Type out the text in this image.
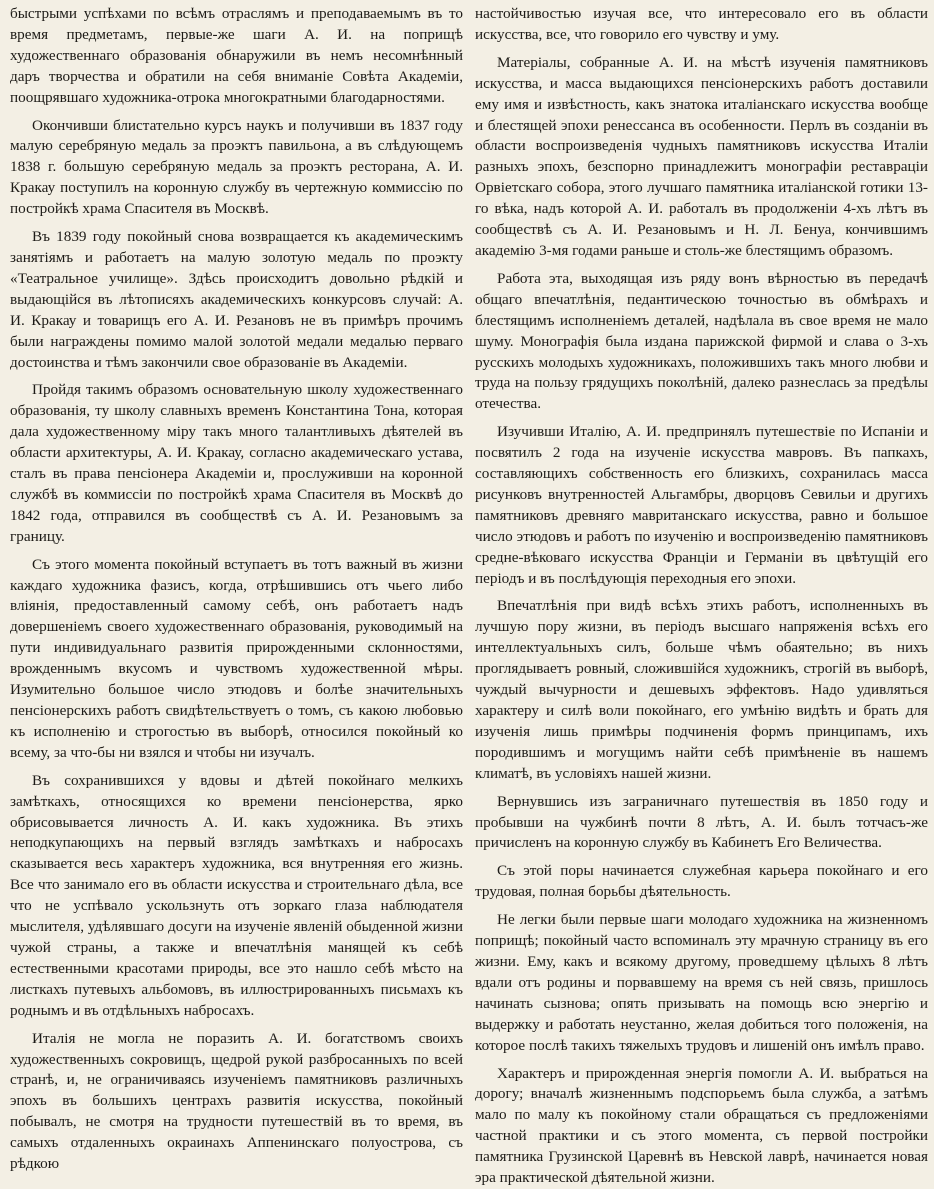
быстрыми успѣхами по всѣмъ отраслямъ и преподаваемымъ въ то время предметамъ, первые-же шаги А. И. на поприщѣ художественнаго образованія обнаружили въ немъ несомнѣнный даръ творчества и обратили на себя вниманіе Совѣта Академіи, поощрявшаго художника-отрока многократными благодарностями.

Окончивши блистательно курсъ наукъ и получивши въ 1837 году малую серебряную медаль за проэктъ павильона, а въ слѣдующемъ 1838 г. большую серебряную медаль за проэктъ ресторана, А. И. Кракау поступилъ на коронную службу въ чертежную коммиссію по постройкѣ храма Спасителя въ Москвѣ.

Въ 1839 году покойный снова возвращается къ академическимъ занятіямъ и работаетъ на малую золотую медаль по проэкту «Театральное училище». Здѣсь происходитъ довольно рѣдкій и выдающійся въ лѣтописяхъ академическихъ конкурсовъ случай: А. И. Кракау и товарищъ его А. И. Резановъ не въ примѣръ прочимъ были награждены помимо малой золотой медали медалью перваго достоинства и тѣмъ закончили свое образованіе въ Академіи.

Пройдя такимъ образомъ основательную школу художественнаго образованія, ту школу славныхъ временъ Константина Тона, которая дала художественному міру такъ много талантливыхъ дѣятелей въ области архитектуры, А. И. Кракау, согласно академическаго устава, сталъ въ права пенсіонера Академіи и, прослуживши на коронной службѣ въ коммиссіи по постройкѣ храма Спасителя въ Москвѣ до 1842 года, отправился въ сообществѣ съ А. И. Резановымъ за границу.

Съ этого момента покойный вступаетъ въ тотъ важный въ жизни каждаго художника фазисъ, когда, отрѣшившись отъ чьего либо вліянія, предоставленный самому себѣ, онъ работаетъ надъ довершеніемъ своего художественнаго образованія, руководимый на пути индивидуальнаго развитія прирожденными склонностями, врожденнымъ вкусомъ и чувствомъ художественной мѣры. Изумительно большое число этюдовъ и болѣе значительныхъ пенсіонерскихъ работъ свидѣтельствуетъ о томъ, съ какою любовью къ исполненію и строгостью въ выборѣ, относился покойный ко всему, за что-бы ни взялся и чтобы ни изучалъ.

Въ сохранившихся у вдовы и дѣтей покойнаго мелкихъ замѣткахъ, относящихся ко времени пенсіонерства, ярко обрисовывается личность А. И. какъ художника. Въ этихъ неподкупающихъ на первый взглядъ замѣткахъ и набросахъ сказывается весь характеръ художника, вся внутренняя его жизнь. Все что занимало его въ области искусства и строительнаго дѣла, все что не успѣвало ускользнуть отъ зоркаго глаза наблюдателя мыслителя, удѣлявшаго досуги на изученіе явленій обыденной жизни чужой страны, а также и впечатлѣнія манящей къ себѣ естественными красотами природы, все это нашло себѣ мѣсто на листкахъ путевыхъ альбомовъ, въ иллюстрированныхъ письмахъ къ роднымъ и въ отдѣльныхъ набросахъ.

Италія не могла не поразить А. И. богатствомъ своихъ художественныхъ сокровищъ, щедрой рукой разбросанныхъ по всей странѣ, и, не ограничиваясь изученіемъ памятниковъ различныхъ эпохъ въ большихъ центрахъ развитія искусства, покойный побывалъ, не смотря на трудности путешествій въ то время, въ самыхъ отдаленныхъ окраинахъ Аппенинскаго полуострова, съ рѣдкою

настойчивостью изучая все, что интересовало его въ области искусства, все, что говорило его чувству и уму.

Матеріалы, собранные А. И. на мѣстѣ изученія памятниковъ искусства, и масса выдающихся пенсіонерскихъ работъ доставили ему имя и извѣстность, какъ знатока италіанскаго искусства вообще и блестящей эпохи ренессанса въ особенности. Перлъ въ созданіи въ области воспроизведенія чудныхъ памятниковъ искусства Италіи разныхъ эпохъ, безспорно принадлежитъ монографіи реставраціи Орвіетскаго собора, этого лучшаго памятника италіанской готики 13-го вѣка, надъ которой А. И. работалъ въ продолженіи 4-хъ лѣтъ въ сообществѣ съ А. И. Резановымъ и Н. Л. Бенуа, кончившимъ академію 3-мя годами раньше и столь-же блестящимъ образомъ.

Работа эта, выходящая изъ ряду вонъ вѣрностью въ передачѣ общаго впечатлѣнія, педантическою точностью въ обмѣрахъ и блестящимъ исполненіемъ деталей, надѣлала въ свое время не мало шуму. Монографія была издана парижской фирмой и слава о 3-хъ русскихъ молодыхъ художникахъ, положившихъ такъ много любви и труда на пользу грядущихъ поколѣній, далеко разнеслась за предѣлы отечества.

Изучивши Италію, А. И. предпринялъ путешествіе по Испаніи и посвятилъ 2 года на изученіе искусства мавровъ. Въ папкахъ, составляющихъ собственность его близкихъ, сохранилась масса рисунковъ внутренностей Альгамбры, дворцовъ Севильи и другихъ памятниковъ древняго мавританскаго искусства, равно и большое число этюдовъ и работъ по изученію и воспроизведенію памятниковъ средне-вѣковаго искусства Франціи и Германіи въ цвѣтущій его періодъ и въ послѣдующія переходныя его эпохи.

Впечатлѣнія при видѣ всѣхъ этихъ работъ, исполненныхъ въ лучшую пору жизни, въ періодъ высшаго напряженія всѣхъ его интеллектуальныхъ силъ, больше чѣмъ обаятельно; въ нихъ проглядываетъ ровный, сложившійся художникъ, строгій въ выборѣ, чуждый вычурности и дешевыхъ эффектовъ. Надо удивляться характеру и силѣ воли покойнаго, его умѣнію видѣть и брать для изученія лишь примѣры подчиненія формъ принципамъ, ихъ породившимъ и могущимъ найти себѣ примѣненіе въ нашемъ климатѣ, въ условіяхъ нашей жизни.

Вернувшись изъ заграничнаго путешествія въ 1850 году и пробывши на чужбинѣ почти 8 лѣтъ, А. И. былъ тотчасъ-же причисленъ на коронную службу въ Кабинетъ Его Величества.

Съ этой поры начинается служебная карьера покойнаго и его трудовая, полная борьбы дѣятельность.

Не легки были первые шаги молодаго художника на жизненномъ поприщѣ; покойный часто вспоминалъ эту мрачную страницу въ его жизни. Ему, какъ и всякому другому, проведшему цѣлыхъ 8 лѣтъ вдали отъ родины и порвавшему на время съ ней связь, пришлось начинать сызнова; опять призывать на помощь всю энергію и выдержку и работать неустанно, желая добиться того положенія, на которое послѣ такихъ тяжелыхъ трудовъ и лишеній онъ имѣлъ право.

Характеръ и прирожденная энергія помогли А. И. выбраться на дорогу; вначалѣ жизненнымъ подспорьемъ была служба, а затѣмъ мало по малу къ покойному стали обращаться съ предложеніями частной практики и съ этого момента, съ первой постройки памятника Грузинской Царевнѣ въ Невской лаврѣ, начинается новая эра практической дѣятельной жизни.
